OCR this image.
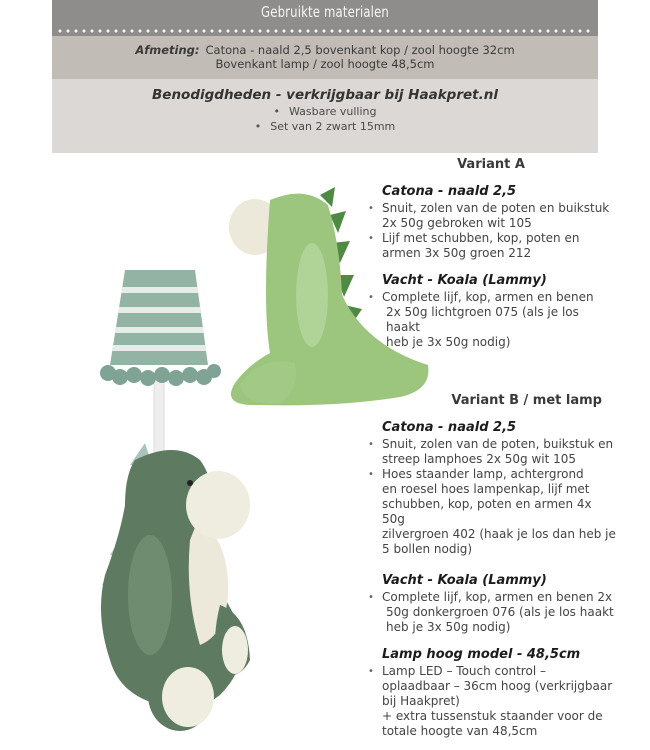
Gebruikte materialen
Afmeting: Catona - naald 2,5 bovenkant kop / zool hoogte 32cm
Bovenkant lamp / zool hoogte 48,5cm
Benodigdheden - verkrijgbaar bij Haakpret.nl
• Wasbare vulling
• Set van 2 zwart 15mm
Variant A
Catona - naald 2,5
• Snuit, zolen van de poten en buikstuk
2x 50g gebroken wit 105
• Lijf met schubben, kop, poten en
armen 3x 50g groen 212
Vacht - Koala (Lammy)
• Complete lijf, kop, armen en benen
2x 50g lichtgroen 075 (als je los haakt
heb je 3x 50g nodig)
Variant B / met lamp
Catona - naald 2,5
• Snuit, zolen van de poten, buikstuk en
streep lamphoes 2x 50g wit 105
• Hoes staander lamp, achtergrond
en roesel hoes lampenkap, lijf met
schubben, kop, poten en armen 4x 50g
zilvergroen 402 (haak je los dan heb je
5 bollen nodig)
Vacht - Koala (Lammy)
• Complete lijf, kop, armen en benen 2x
50g donkergroen 076 (als je los haakt
heb je 3x 50g nodig)
Lamp hoog model - 48,5cm
• Lamp LED – Touch control –
oplaadbaar – 36cm hoog (verkrijgbaar
bij Haakpret)
+ extra tussenstuk staander voor de
totale hoogte van 48,5cm
